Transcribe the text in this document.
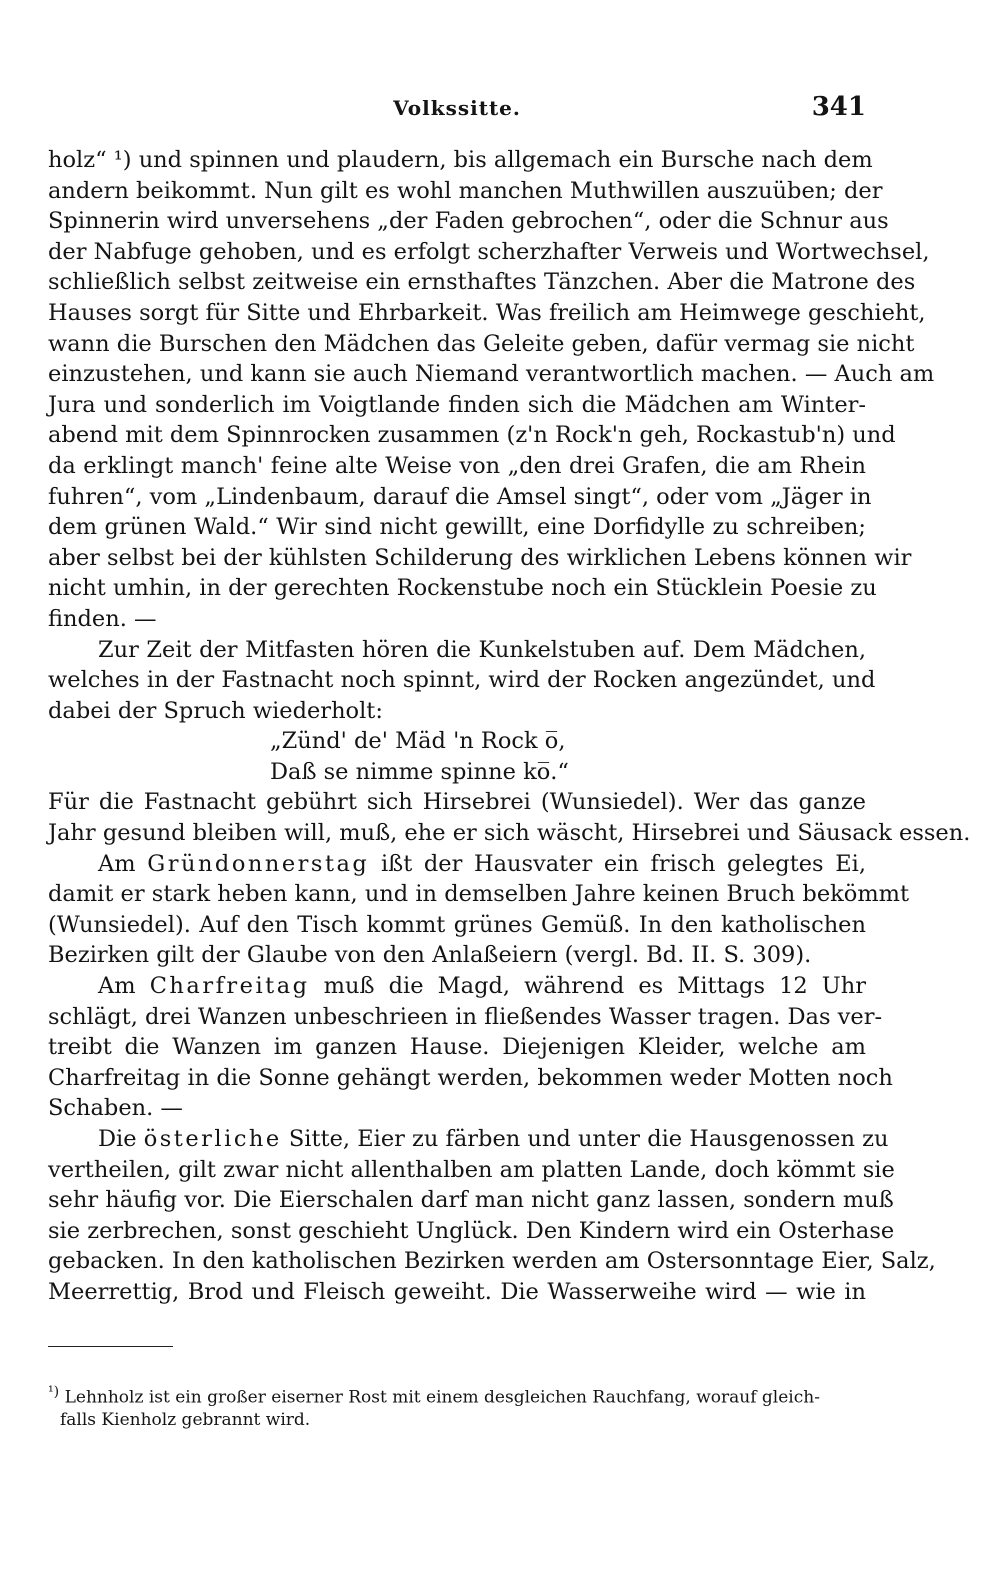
Volkssitte.	341
holz“ ¹) und spinnen und plaudern, bis allgemach ein Bursche nach dem
andern beikommt. Nun gilt es wohl manchen Muthwillen auszuüben; der
Spinnerin wird unversehens „der Faden gebrochen“, oder die Schnur aus
der Nabfuge gehoben, und es erfolgt scherzhafter Verweis und Wortwechsel,
schließlich selbst zeitweise ein ernsthaftes Tänzchen. Aber die Matrone des
Hauses sorgt für Sitte und Ehrbarkeit. Was freilich am Heimwege geschieht,
wann die Burschen den Mädchen das Geleite geben, dafür vermag sie nicht
einzustehen, und kann sie auch Niemand verantwortlich machen. — Auch am
Jura und sonderlich im Voigtlande finden sich die Mädchen am Winter-
abend mit dem Spinnrocken zusammen (z'n Rock'n geh, Rockastub'n) und
da erklingt manch' feine alte Weise von „den drei Grafen, die am Rhein
fuhren“, vom „Lindenbaum, darauf die Amsel singt“, oder vom „Jäger in
dem grünen Wald.“ Wir sind nicht gewillt, eine Dorfidylle zu schreiben;
aber selbst bei der kühlsten Schilderung des wirklichen Lebens können wir
nicht umhin, in der gerechten Rockenstube noch ein Stücklein Poesie zu
finden. —
Zur Zeit der Mitfasten hören die Kunkelstuben auf. Dem Mädchen,
welches in der Fastnacht noch spinnt, wird der Rocken angezündet, und
dabei der Spruch wiederholt:
„Zünd' de' Mäd 'n Rock o̅,
Daß se nimme spinne ko̅.“
Für die Fastnacht gebührt sich Hirsebrei (Wunsiedel). Wer das ganze
Jahr gesund bleiben will, muß, ehe er sich wäscht, Hirsebrei und Säusack essen.
Am Gründonnerstag ißt der Hausvater ein frisch gelegtes Ei,
damit er stark heben kann, und in demselben Jahre keinen Bruch bekömmt
(Wunsiedel). Auf den Tisch kommt grünes Gemüß. In den katholischen
Bezirken gilt der Glaube von den Anlaßeiern (vergl. Bd. II. S. 309).
Am Charfreitag muß die Magd, während es Mittags 12 Uhr
schlägt, drei Wanzen unbeschrieen in fließendes Wasser tragen. Das ver-
treibt die Wanzen im ganzen Hause. Diejenigen Kleider, welche am
Charfreitag in die Sonne gehängt werden, bekommen weder Motten noch
Schaben. —
Die österliche Sitte, Eier zu färben und unter die Hausgenossen zu
vertheilen, gilt zwar nicht allenthalben am platten Lande, doch kömmt sie
sehr häufig vor. Die Eierschalen darf man nicht ganz lassen, sondern muß
sie zerbrechen, sonst geschieht Unglück. Den Kindern wird ein Osterhase
gebacken. In den katholischen Bezirken werden am Ostersonntage Eier, Salz,
Meerrettig, Brod und Fleisch geweiht. Die Wasserweihe wird — wie in
$^{^1)}$ Lehnholz ist ein großer eiserner Rost mit einem desgleichen Rauchfang, worauf gleich-
falls Kienholz gebrannt wird.
